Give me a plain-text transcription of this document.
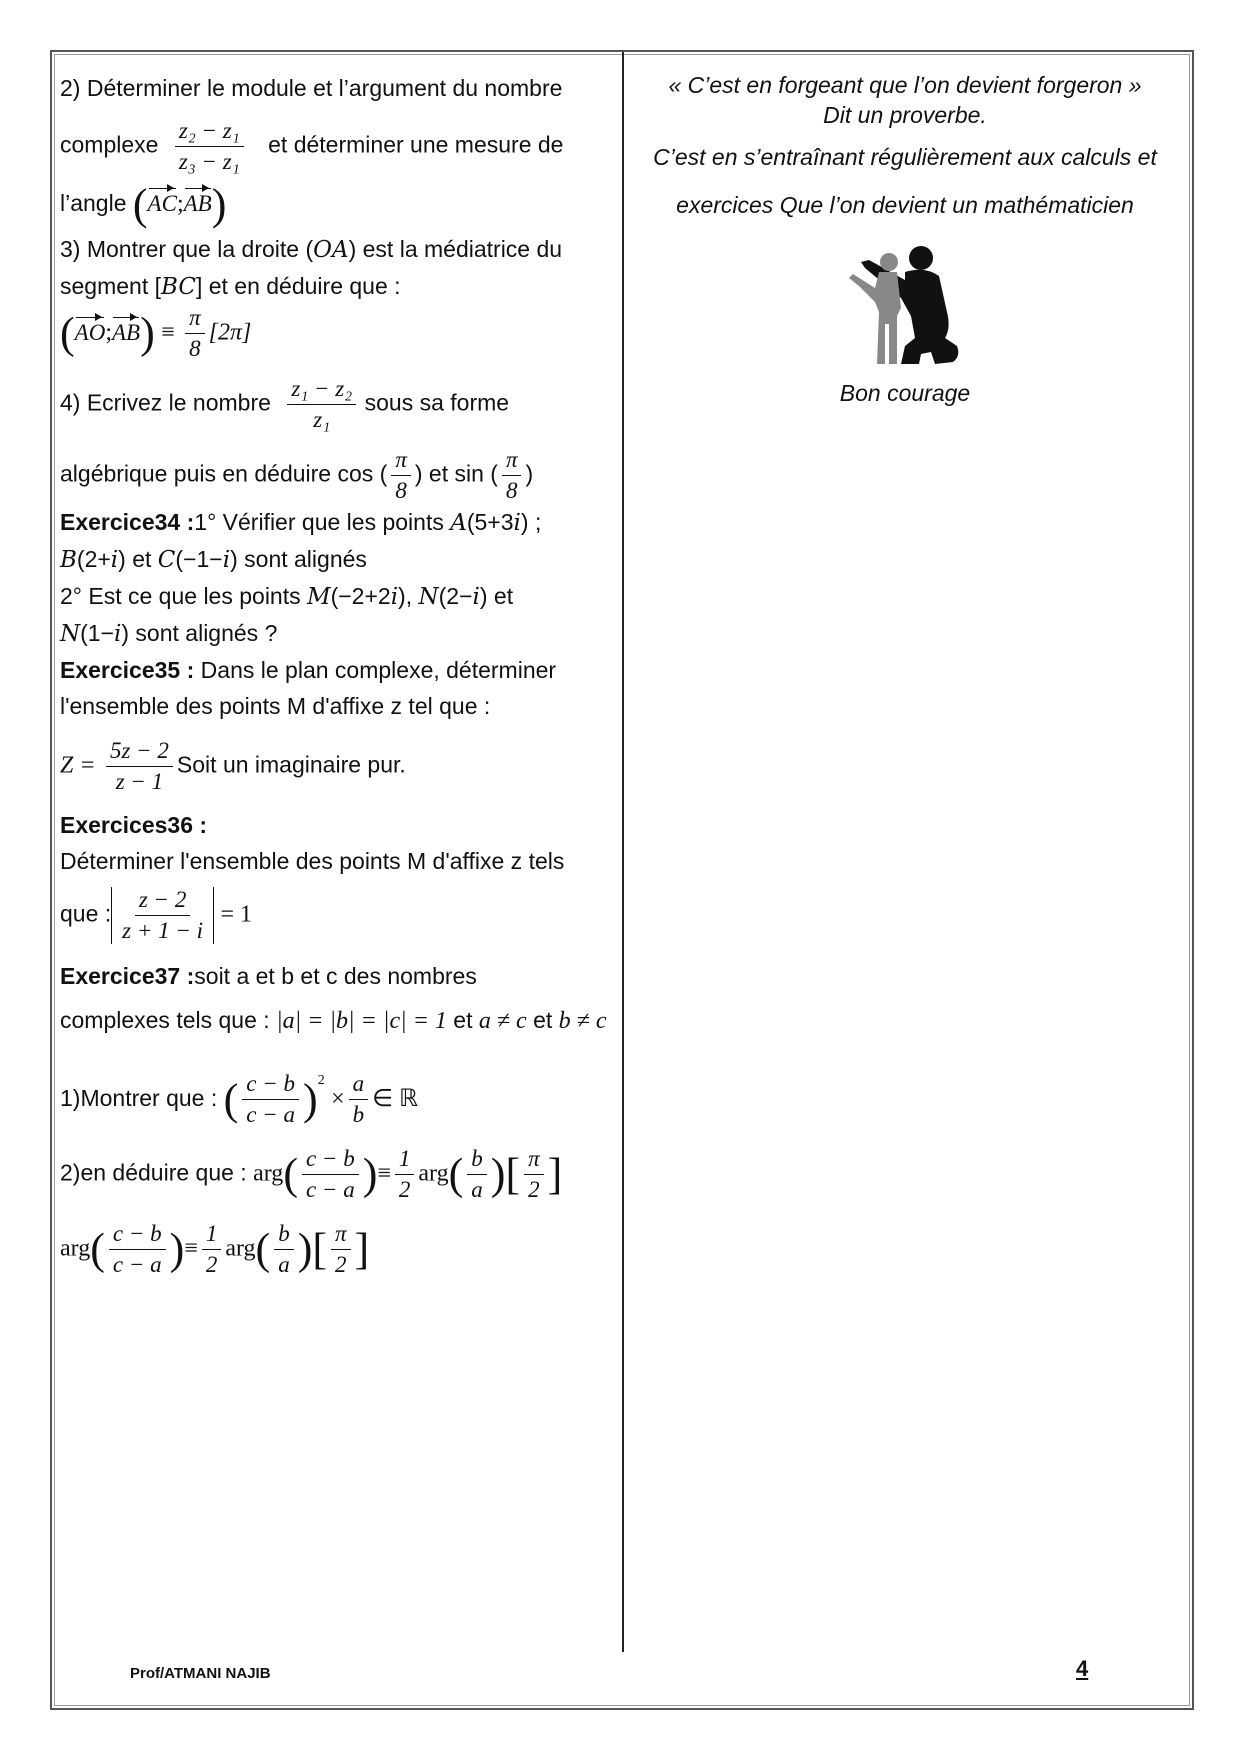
2) Déterminer le module et l’argument du nombre

complexe $\frac{\text{z₂ − z₁}}{\text{z₃ − z₁}}$ et déterminer une mesure de

l’angle (AC;AB)

3) Montrer que la droite (OA) est la médiatrice du

segment [BC] et en déduire que :

(AO;AB) ≡ $\frac{\pi}{8} [2\pi]$

4) Ecrivez le nombre $\frac{\text{z₁ − z₂}}{\text{z₁}}$ sous sa forme

algébrique puis en déduire cos ( $\frac{\pi}{8}$ ) et sin ( $\frac{\pi}{8}$ )

Exercice34 :1° Vérifier que les points A(5+3i) ;

B(2+i) et C(−1−i) sont alignés

2° Est ce que les points M(−2+2i), N(2−i) et

N(1−i) sont alignés ?

Exercice35 : Dans le plan complexe, déterminer

l'ensemble des points M d'affixe z tel que :

$Z = \frac{5z - 2}{z - 1}$ Soit un imaginaire pur.

Exercices36 :

Déterminer l'ensemble des points M d'affixe z tels

que : $\frac{z - 2}{z + 1 - i} = 1$

Exercice37 :soit a et b et c des nombres

complexes tels que : |a| = |b| = |c| = 1 et a ≠ c et b ≠ c

1)Montrer que : ( $\frac{c - b}{c - a} )^2 \times \frac{a}{b}$ ∈ ℝ

2)en déduire que : $arg( \frac{c - b}{c - a}$ )≡ $\frac{1}{2} arg( \frac{b}{a}$ )[ $\frac{\pi}{2}$ ]

$arg( \frac{c - b}{c - a}$ )≡ $\frac{1}{2} arg( \frac{b}{a}$ )[ $\frac{\pi}{2}$ ]

« C’est en forgeant que l’on devient forgeron »

Dit un proverbe.

C’est en s’entraînant régulièrement aux calculs et

exercices Que l’on devient un mathématicien

Bon courage

Prof/ATMANI NAJIB	4
